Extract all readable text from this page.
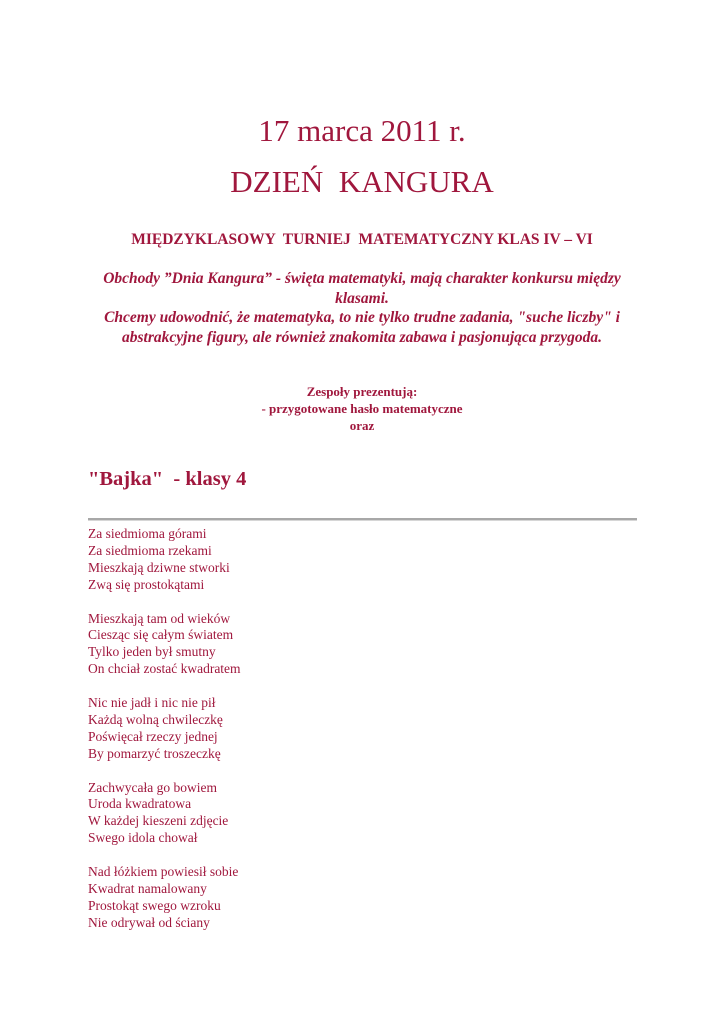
17 marca 2011 r.
DZIEŃ  KANGURA
MIĘDZYKLASOWY  TURNIEJ  MATEMATYCZNY KLAS IV – VI

Obchody ”Dnia Kangura” - święta matematyki, mają charakter konkursu między klasami.

Chcemy udowodnić, że matematyka, to nie tylko trudne zadania, "suche liczby" i abstrakcyjne figury, ale również znakomita zabawa i pasjonująca przygoda.

Zespoły prezentują:
- przygotowane hasło matematyczne
oraz
"Bajka"  - klasy 4
Za siedmioma górami
Za siedmioma rzekami
Mieszkają dziwne stworki
Zwą się prostokątami
Mieszkają tam od wieków
Ciesząc się całym światem
Tylko jeden był smutny
On chciał zostać kwadratem
Nic nie jadł i nic nie pił
Każdą wolną chwileczkę
Poświęcał rzeczy jednej
By pomarzyć troszeczkę
Zachwycała go bowiem
Uroda kwadratowa
W każdej kieszeni zdjęcie
Swego idola chował
Nad łóżkiem powiesił sobie
Kwadrat namalowany
Prostokąt swego wzroku
Nie odrywał od ściany
